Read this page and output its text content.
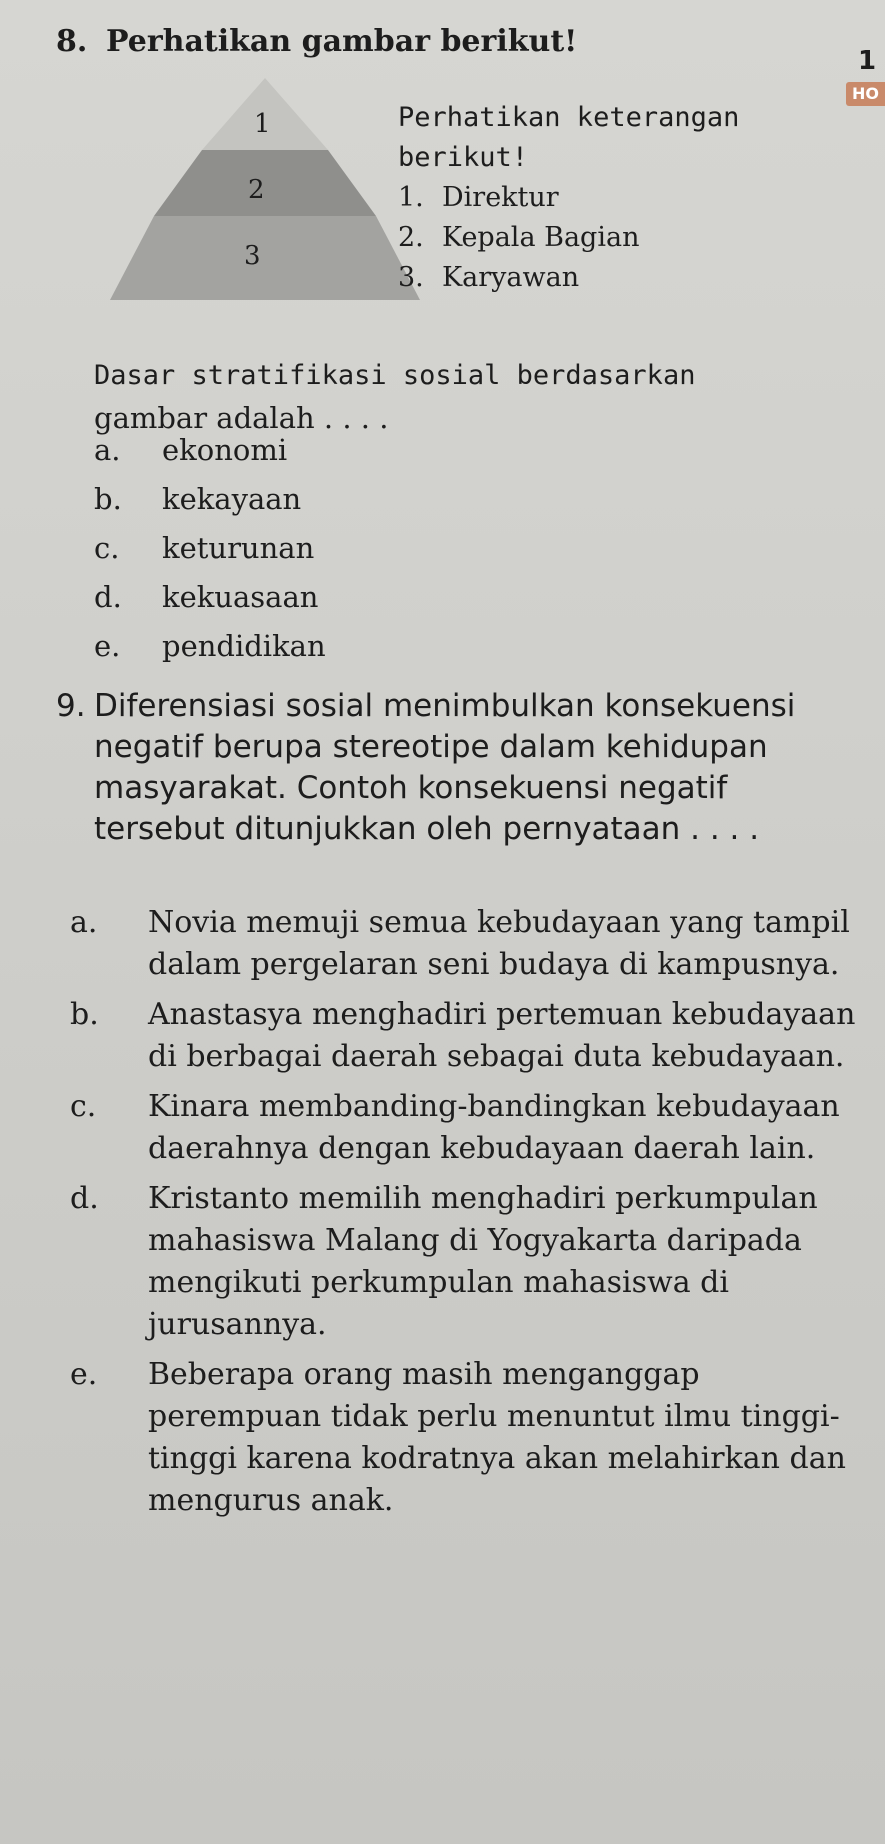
1
HO
8. Perhatikan gambar berikut!
1
2
3
Perhatikan keterangan berikut!
1. Direktur
2. Kepala Bagian
3. Karyawan
Dasar stratifikasi sosial berdasarkan
gambar adalah . . . .
a.	ekonomi
b.	kekayaan
c.	keturunan
d.	kekuasaan
e.	pendidikan
9. Diferensiasi sosial menimbulkan konsekuensi negatif berupa stereotipe dalam kehidupan masyarakat. Contoh konsekuensi negatif tersebut ditunjukkan oleh pernyataan . . . .
a.	Novia memuji semua kebudayaan yang tampil dalam pergelaran seni budaya di kampusnya.
b.	Anastasya menghadiri pertemuan kebudayaan di berbagai daerah sebagai duta kebudayaan.
c.	Kinara membanding-bandingkan kebudayaan daerahnya dengan kebudayaan daerah lain.
d.	Kristanto memilih menghadiri perkumpulan mahasiswa Malang di Yogyakarta daripada mengikuti perkumpulan mahasiswa di jurusannya.
e.	Beberapa orang masih menganggap perempuan tidak perlu menuntut ilmu tinggi-tinggi karena kodratnya akan melahirkan dan mengurus anak.
